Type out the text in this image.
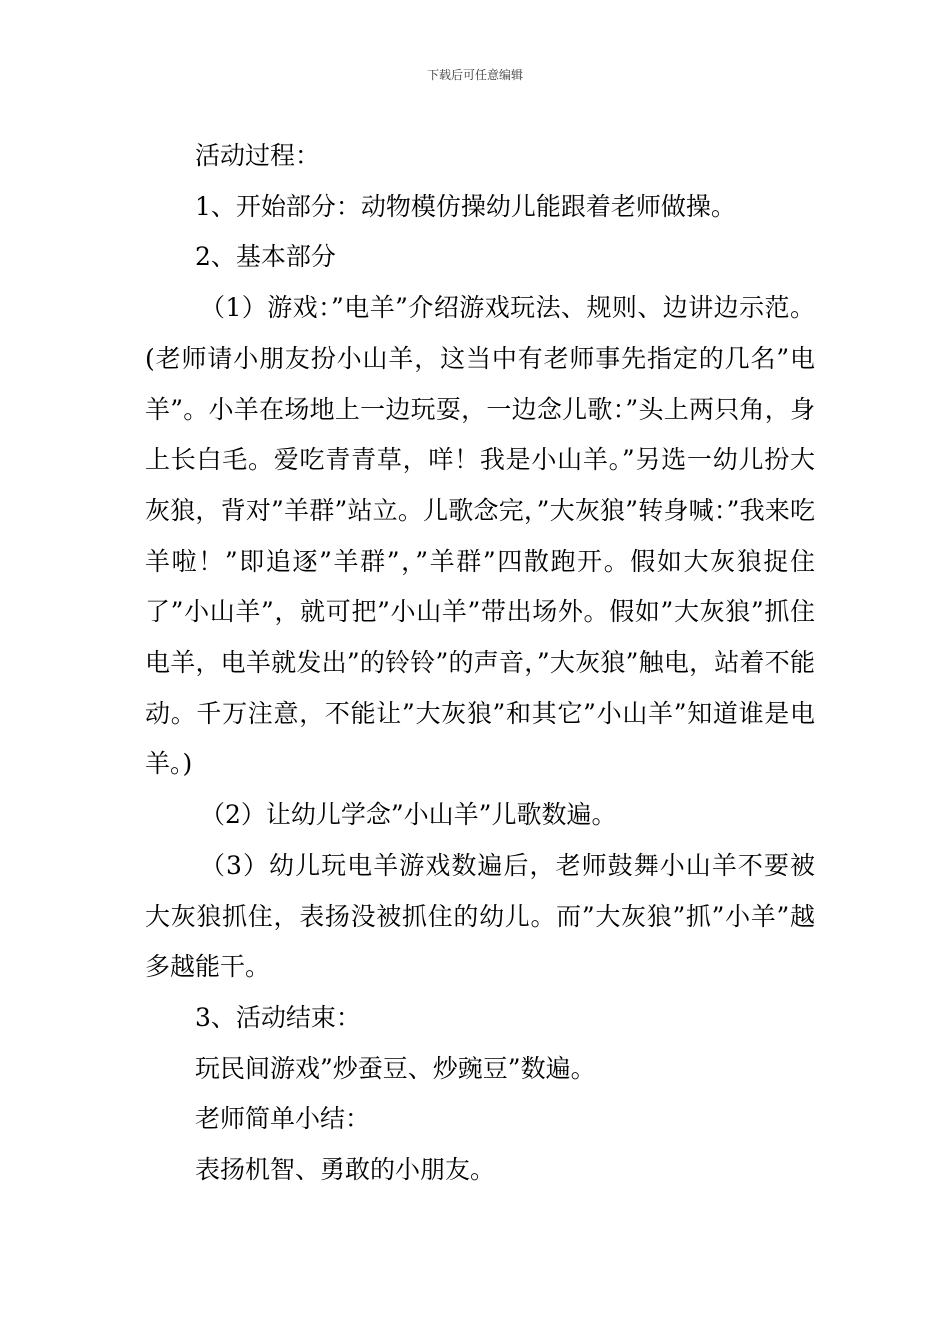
下载后可任意编辑

活动过程：

1、开始部分：动物模仿操幼儿能跟着老师做操。

2、基本部分

（1）游戏：”电羊”介绍游戏玩法、规则、边讲边示范。(老师请小朋友扮小山羊，这当中有老师事先指定的几名”电羊”。小羊在场地上一边玩耍，一边念儿歌：”头上两只角，身上长白毛。爱吃青青草，咩！我是小山羊。”另选一幼儿扮大灰狼，背对”羊群”站立。儿歌念完，”大灰狼”转身喊：”我来吃羊啦！”即追逐”羊群”，”羊群”四散跑开。假如大灰狼捉住了”小山羊”，就可把”小山羊”带出场外。假如”大灰狼”抓住电羊，电羊就发出”的铃铃”的声音，”大灰狼”触电，站着不能动。千万注意，不能让”大灰狼”和其它”小山羊”知道谁是电羊。)

（2）让幼儿学念”小山羊”儿歌数遍。

（3）幼儿玩电羊游戏数遍后，老师鼓舞小山羊不要被大灰狼抓住，表扬没被抓住的幼儿。而”大灰狼”抓”小羊”越多越能干。

3、活动结束：

玩民间游戏”炒蚕豆、炒豌豆”数遍。

老师简单小结：

表扬机智、勇敢的小朋友。
